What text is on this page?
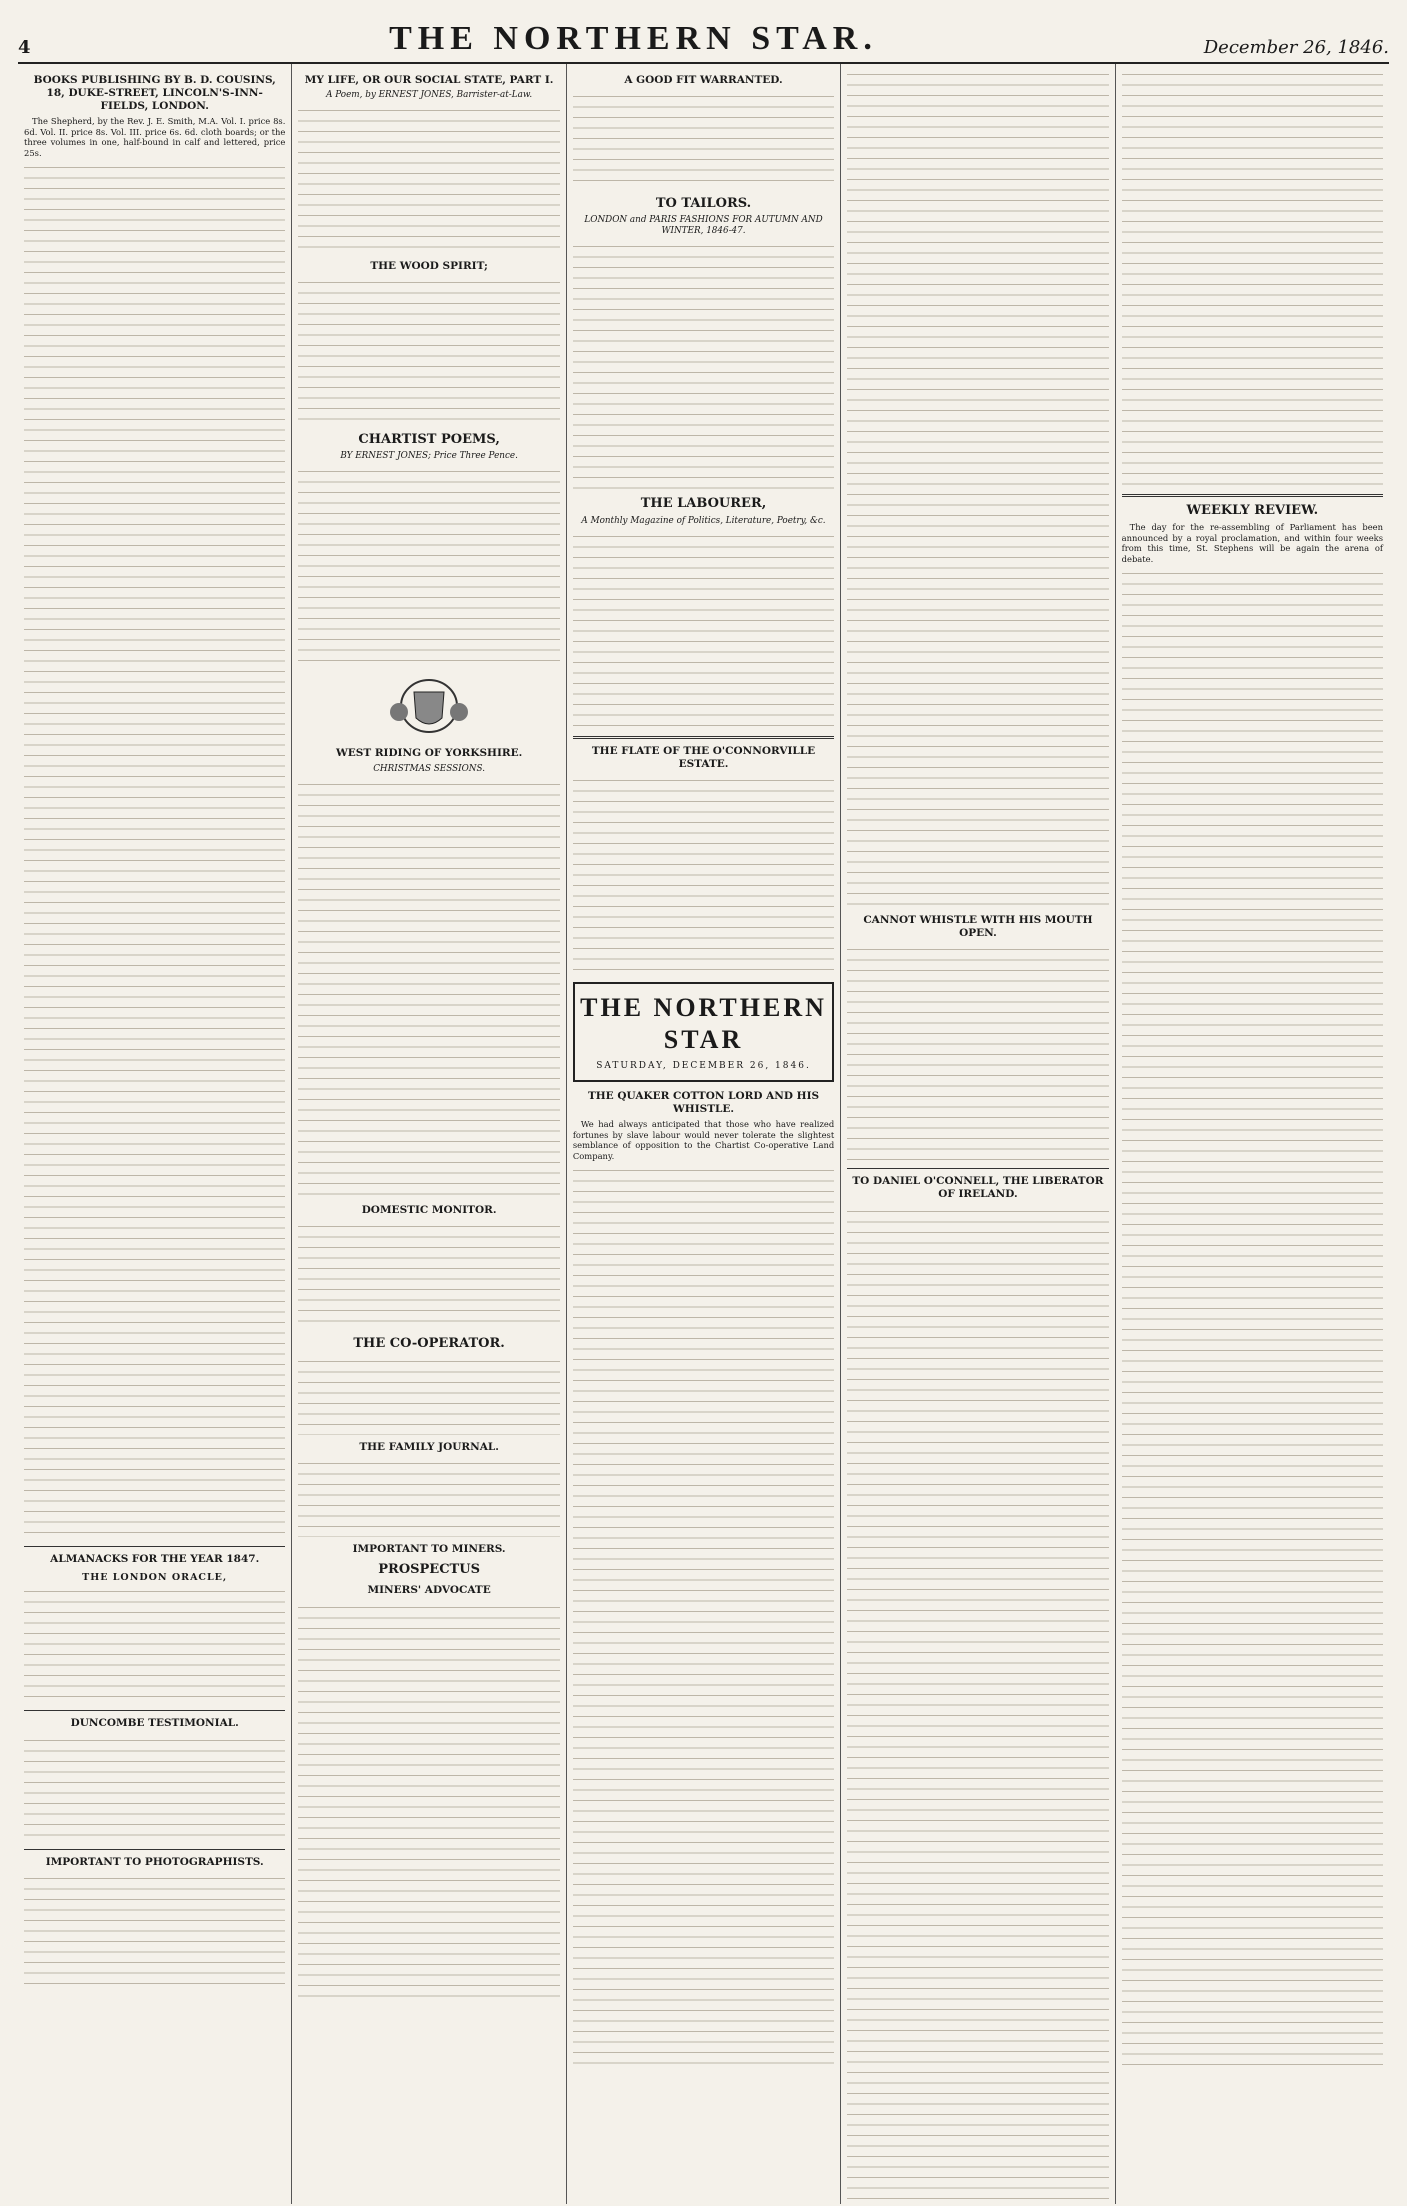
4	THE NORTHERN STAR.	December 26, 1846.
BOOKS PUBLISHING BY B. D. COUSINS, 18, DUKE-STREET, LINCOLN'S-INN-FIELDS, LONDON.

The Shepherd, by the Rev. J. E. Smith, M.A. Vol. I. price 8s. 6d. Vol. II. price 8s. Vol. III. price 6s. 6d. cloth boards; or the three volumes in one, half-bound in calf and lettered, price 25s.

ALMANACKS FOR THE YEAR 1847.
THE LONDON ORACLE,
DUNCOMBE TESTIMONIAL.
IMPORTANT TO PHOTOGRAPHISTS.
MY LIFE, OR OUR SOCIAL STATE, PART I.
A Poem, by ERNEST JONES, Barrister-at-Law.
THE WOOD SPIRIT;
CHARTIST POEMS,
BY ERNEST JONES; Price Three Pence.
WEST RIDING OF YORKSHIRE.
CHRISTMAS SESSIONS.
DOMESTIC MONITOR.
THE CO-OPERATOR.
THE FAMILY JOURNAL.
IMPORTANT TO MINERS.
PROSPECTUS
MINERS' ADVOCATE
A GOOD FIT WARRANTED.
TO TAILORS.
LONDON and PARIS FASHIONS FOR AUTUMN AND WINTER, 1846-47.
THE LABOURER,
A Monthly Magazine of Politics, Literature, Poetry, &c.
THE FLATE OF THE O'CONNORVILLE ESTATE.
THE NORTHERN STAR
SATURDAY, DECEMBER 26, 1846.
THE QUAKER COTTON LORD AND HIS WHISTLE.

We had always anticipated that those who have realized fortunes by slave labour would never tolerate the slightest semblance of opposition to the Chartist Co-operative Land Company.

CANNOT WHISTLE WITH HIS MOUTH OPEN.
TO DANIEL O'CONNELL, THE LIBERATOR OF IRELAND.
WEEKLY REVIEW.

The day for the re-assembling of Parliament has been announced by a royal proclamation, and within four weeks from this time, St. Stephens will be again the arena of debate.
